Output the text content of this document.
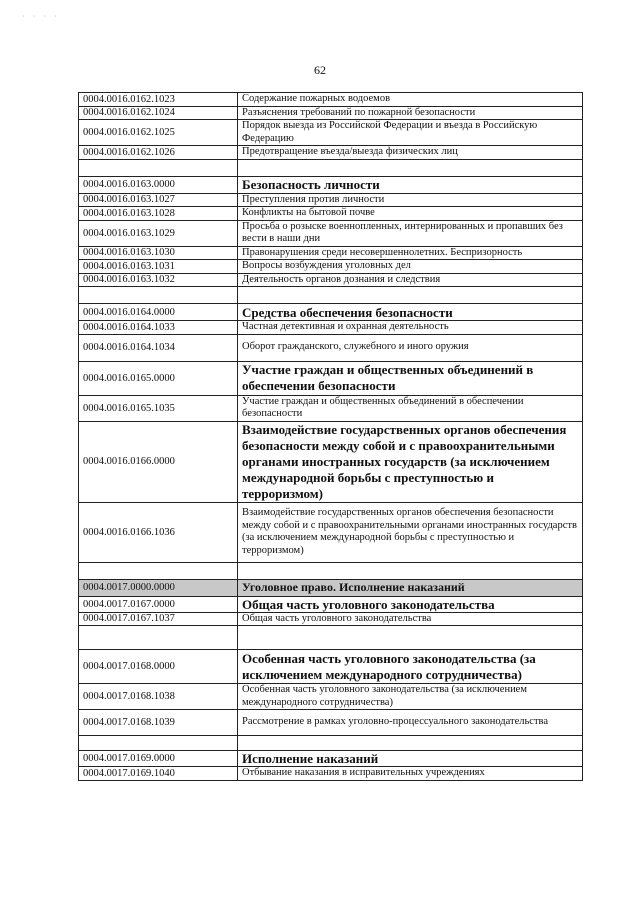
· · · ·
62
0004.0016.0162.1023	Содержание пожарных водоемов
0004.0016.0162.1024	Разъяснения требований по пожарной безопасности
0004.0016.0162.1025	Порядок выезда из Российской Федерации и въезда в Российскую Федерацию
0004.0016.0162.1026	Предотвращение въезда/выезда физических лиц

0004.0016.0163.0000	Безопасность личности
0004.0016.0163.1027	Преступления против личности
0004.0016.0163.1028	Конфликты на бытовой почве
0004.0016.0163.1029	Просьба о розыске военнопленных, интернированных и пропавших без вести в наши дни
0004.0016.0163.1030	Правонарушения среди несовершеннолетних. Беспризорность
0004.0016.0163.1031	Вопросы возбуждения уголовных дел
0004.0016.0163.1032	Деятельность органов дознания и следствия

0004.0016.0164.0000	Средства обеспечения безопасности
0004.0016.0164.1033	Частная детективная и охранная деятельность
0004.0016.0164.1034	Оборот гражданского, служебного и иного оружия
0004.0016.0165.0000	Участие граждан и общественных объединений в обеспечении безопасности
0004.0016.0165.1035	Участие граждан и общественных объединений в обеспечении безопасности
0004.0016.0166.0000	Взаимодействие государственных органов обеспечения безопасности между собой и с правоохранительными органами иностранных государств (за исключением международной борьбы с преступностью и терроризмом)
0004.0016.0166.1036	Взаимодействие государственных органов обеспечения безопасности между собой и с правоохранительными органами иностранных государств (за исключением международной борьбы с преступностью и терроризмом)

0004.0017.0000.0000	Уголовное право. Исполнение наказаний
0004.0017.0167.0000	Общая часть уголовного законодательства
0004.0017.0167.1037	Общая часть уголовного законодательства

0004.0017.0168.0000	Особенная часть уголовного законодательства (за исключением международного сотрудничества)
0004.0017.0168.1038	Особенная часть уголовного законодательства (за исключением международного сотрудничества)
0004.0017.0168.1039	Рассмотрение в рамках уголовно-процессуального законодательства

0004.0017.0169.0000	Исполнение наказаний
0004.0017.0169.1040	Отбывание наказания в исправительных учреждениях
